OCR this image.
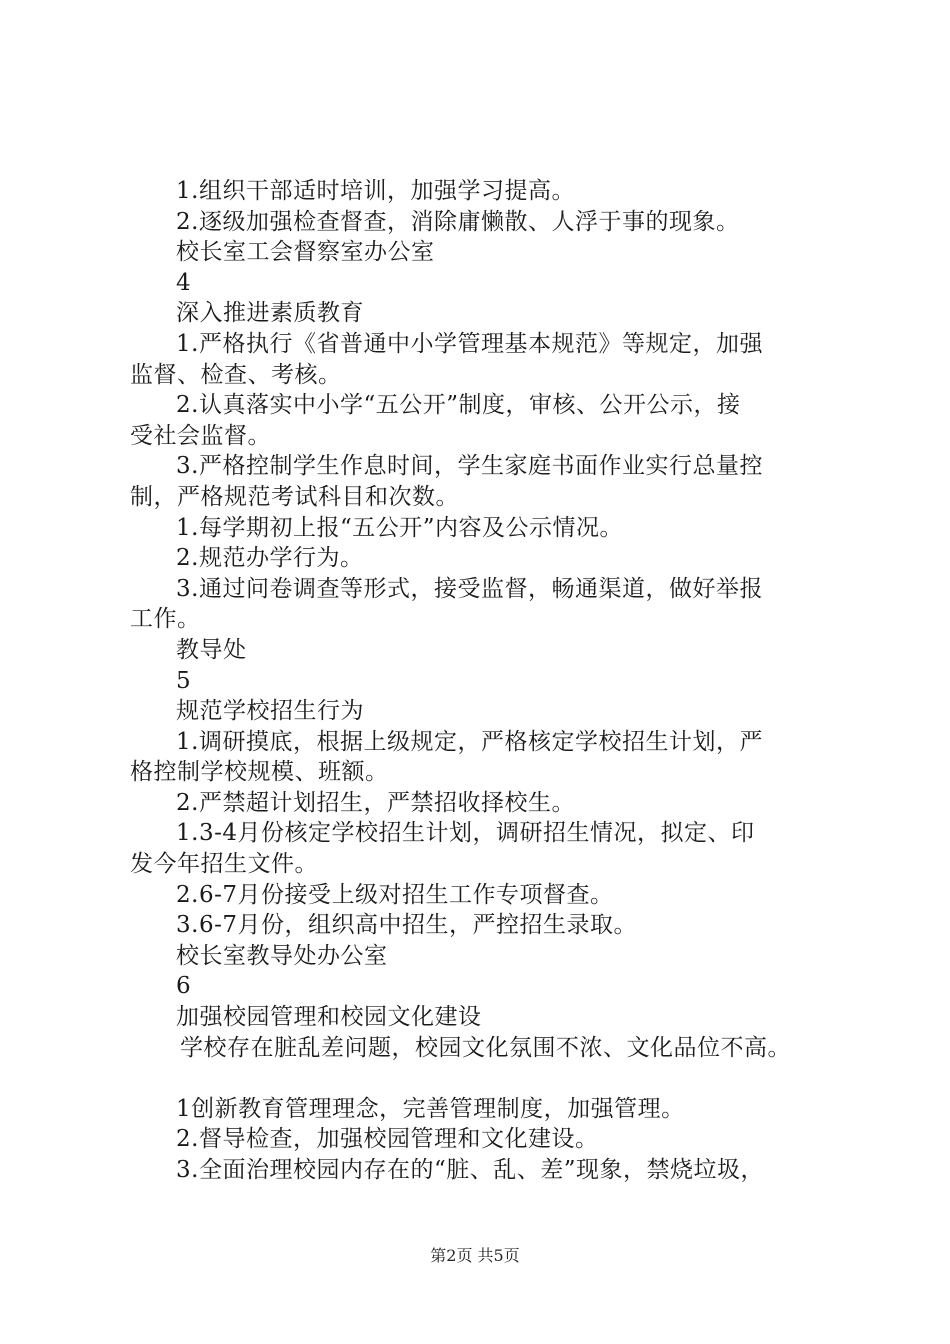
1.组织干部适时培训，加强学习提高。
2.逐级加强检查督查，消除庸懒散、人浮于事的现象。
校长室工会督察室办公室
4
深入推进素质教育
1.严格执行《省普通中小学管理基本规范》等规定，加强
监督、检查、考核。
2.认真落实中小学“五公开”制度，审核、公开公示，接
受社会监督。
3.严格控制学生作息时间，学生家庭书面作业实行总量控
制，严格规范考试科目和次数。
1.每学期初上报“五公开”内容及公示情况。
2.规范办学行为。
3.通过问卷调查等形式，接受监督，畅通渠道，做好举报
工作。
教导处
5
规范学校招生行为
1.调研摸底，根据上级规定，严格核定学校招生计划，严
格控制学校规模、班额。
2.严禁超计划招生，严禁招收择校生。
1.3-4月份核定学校招生计划，调研招生情况，拟定、印
发今年招生文件。
2.6-7月份接受上级对招生工作专项督查。
3.6-7月份，组织高中招生，严控招生录取。
校长室教导处办公室
6
加强校园管理和校园文化建设
学校存在脏乱差问题，校园文化氛围不浓、文化品位不高。
1创新教育管理理念，完善管理制度，加强管理。
2.督导检查，加强校园管理和文化建设。
3.全面治理校园内存在的“脏、乱、差”现象，禁烧垃圾，
第2页 共5页
